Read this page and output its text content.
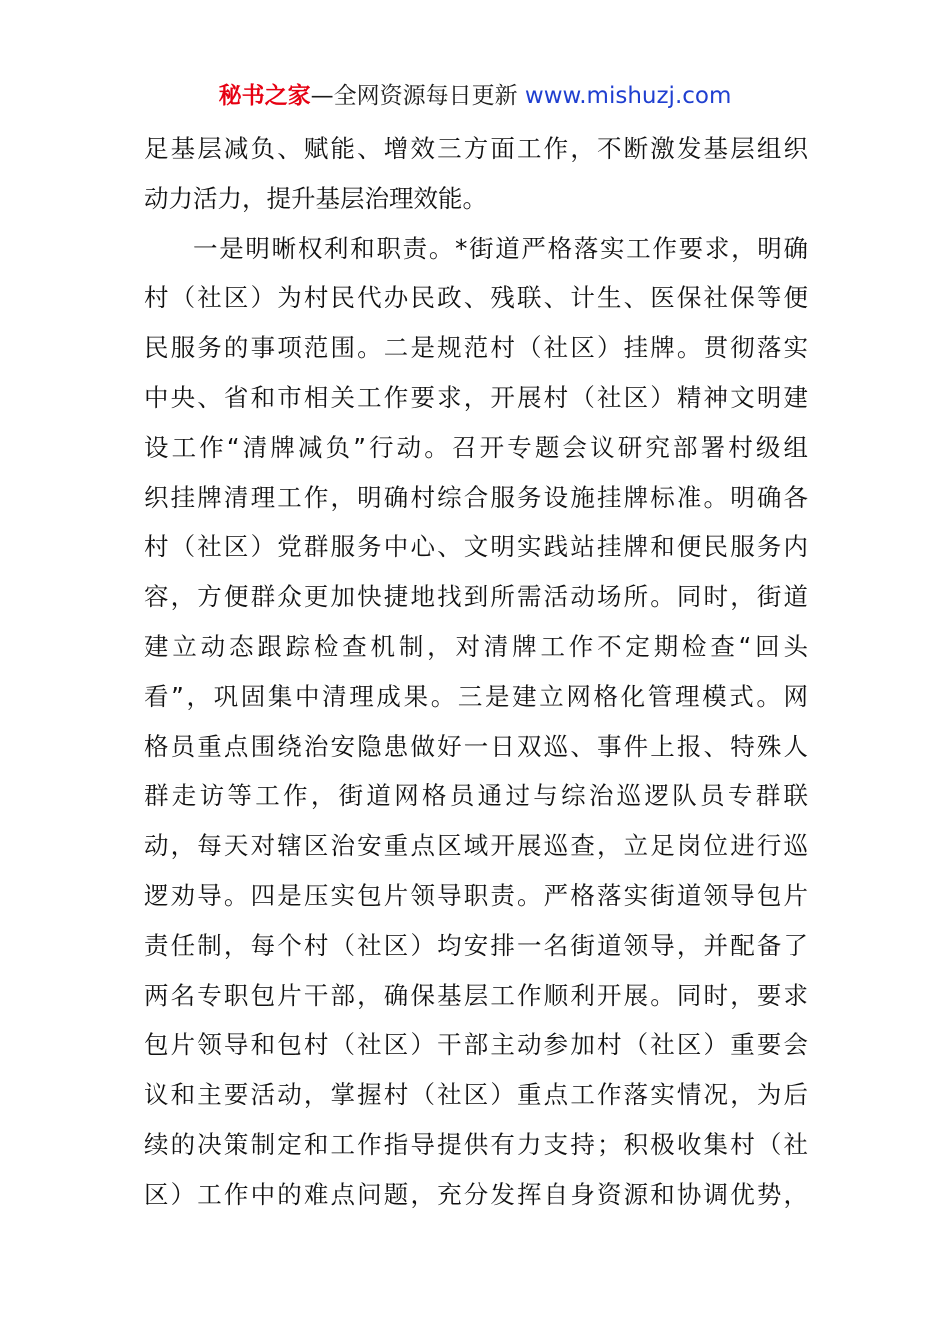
秘书之家—全网资源每日更新 www.mishuzj.com
足基层减负、赋能、增效三方面工作，不断激发基层组织
动力活力，提升基层治理效能。
一是明晰权利和职责。*街道严格落实工作要求，明确
村（社区）为村民代办民政、残联、计生、医保社保等便
民服务的事项范围。二是规范村（社区）挂牌。贯彻落实
中央、省和市相关工作要求，开展村（社区）精神文明建
设工作“清牌减负”行动。召开专题会议研究部署村级组
织挂牌清理工作，明确村综合服务设施挂牌标准。明确各
村（社区）党群服务中心、文明实践站挂牌和便民服务内
容，方便群众更加快捷地找到所需活动场所。同时，街道
建立动态跟踪检查机制，对清牌工作不定期检查“回头
看”，巩固集中清理成果。三是建立网格化管理模式。网
格员重点围绕治安隐患做好一日双巡、事件上报、特殊人
群走访等工作，街道网格员通过与综治巡逻队员专群联
动，每天对辖区治安重点区域开展巡查，立足岗位进行巡
逻劝导。四是压实包片领导职责。严格落实街道领导包片
责任制，每个村（社区）均安排一名街道领导，并配备了
两名专职包片干部，确保基层工作顺利开展。同时，要求
包片领导和包村（社区）干部主动参加村（社区）重要会
议和主要活动，掌握村（社区）重点工作落实情况，为后
续的决策制定和工作指导提供有力支持；积极收集村（社
区）工作中的难点问题，充分发挥自身资源和协调优势，
